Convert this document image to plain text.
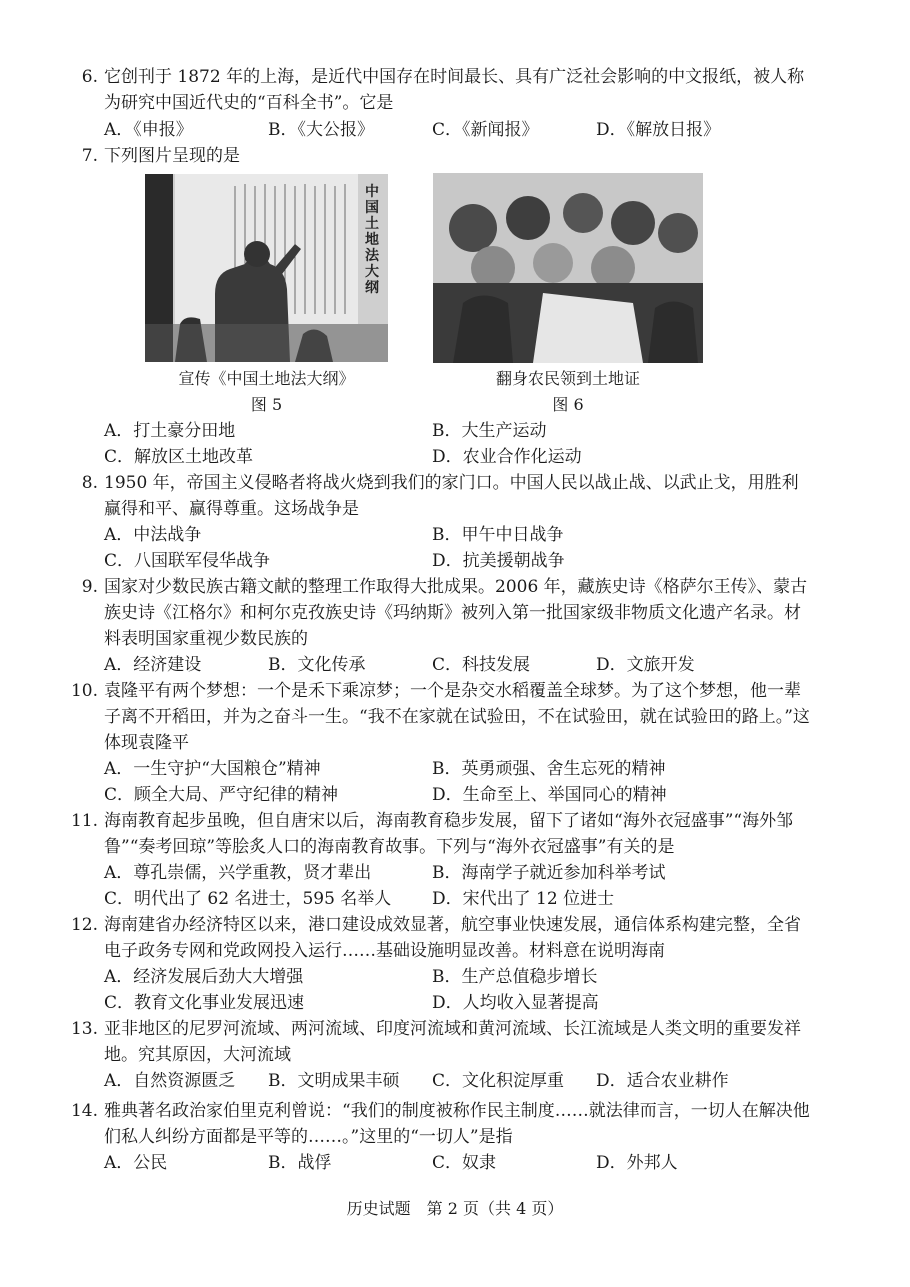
6. 它创刊于 1872 年的上海，是近代中国存在时间最长、具有广泛社会影响的中文报纸，被人称为研究中国近代史的“百科全书”。它是
A．《申报》	B．《大公报》	C．《新闻报》	D．《解放日报》
7. 下列图片呈现的是
中国土地法大纲
宣传《中国土地法大纲》
图 5
翻身农民领到土地证
图 6
A．打土豪分田地	B．大生产运动
C．解放区土地改革	D．农业合作化运动
8. 1950 年，帝国主义侵略者将战火烧到我们的家门口。中国人民以战止战、以武止戈，用胜利赢得和平、赢得尊重。这场战争是
A．中法战争	B．甲午中日战争
C．八国联军侵华战争	D．抗美援朝战争
9. 国家对少数民族古籍文献的整理工作取得大批成果。2006 年，藏族史诗《格萨尔王传》、蒙古族史诗《江格尔》和柯尔克孜族史诗《玛纳斯》被列入第一批国家级非物质文化遗产名录。材料表明国家重视少数民族的
A．经济建设	B．文化传承	C．科技发展	D．文旅开发
10. 袁隆平有两个梦想：一个是禾下乘凉梦；一个是杂交水稻覆盖全球梦。为了这个梦想，他一辈子离不开稻田，并为之奋斗一生。“我不在家就在试验田，不在试验田，就在试验田的路上。”这体现袁隆平
A．一生守护“大国粮仓”精神	B．英勇顽强、舍生忘死的精神
C．顾全大局、严守纪律的精神	D．生命至上、举国同心的精神
11. 海南教育起步虽晚，但自唐宋以后，海南教育稳步发展，留下了诸如“海外衣冠盛事”“海外邹鲁”“奏考回琼”等脍炙人口的海南教育故事。下列与“海外衣冠盛事”有关的是
A．尊孔崇儒，兴学重教，贤才辈出	B．海南学子就近参加科举考试
C．明代出了 62 名进士，595 名举人 D．宋代出了 12 位进士
12. 海南建省办经济特区以来，港口建设成效显著，航空事业快速发展，通信体系构建完整，全省电子政务专网和党政网投入运行……基础设施明显改善。材料意在说明海南
A．经济发展后劲大大增强	B．生产总值稳步增长
C．教育文化事业发展迅速	D．人均收入显著提高
13. 亚非地区的尼罗河流域、两河流域、印度河流域和黄河流域、长江流域是人类文明的重要发祥地。究其原因，大河流域
A．自然资源匮乏 B．文明成果丰硕 C．文化积淀厚重 D．适合农业耕作
14. 雅典著名政治家伯里克利曾说：“我们的制度被称作民主制度……就法律而言，一切人在解决他们私人纠纷方面都是平等的……。”这里的“一切人”是指
A．公民	B．战俘	C．奴隶	D．外邦人
历史试题　第 2 页（共 4 页）
